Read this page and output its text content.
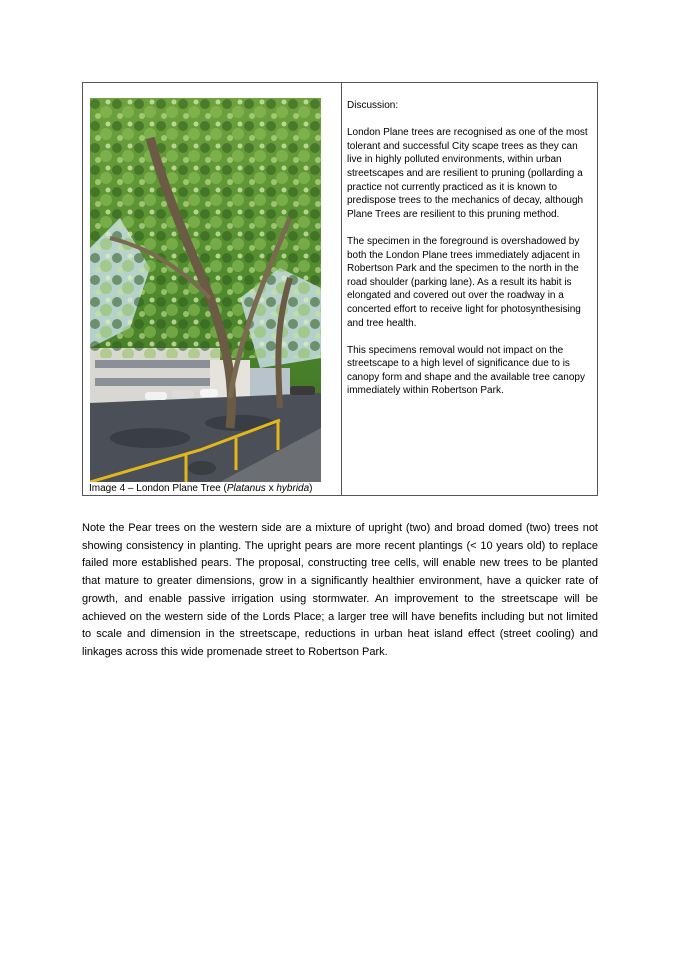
Image 4 – London Plane Tree (Platanus x hybrida)

Discussion:

London Plane trees are recognised as one of the most tolerant and successful City scape trees as they can live in highly polluted environments, within urban streetscapes and are resilient to pruning (pollarding a practice not currently practiced as it is known to predispose trees to the mechanics of decay, although Plane Trees are resilient to this pruning method.

The specimen in the foreground is overshadowed by both the London Plane trees immediately adjacent in Robertson Park and the specimen to the north in the road shoulder (parking lane). As a result its habit is elongated and covered out over the roadway in a concerted effort to receive light for photosynthesising and tree health.

This specimens removal would not impact on the streetscape to a high level of significance due to is canopy form and shape and the available tree canopy immediately within Robertson Park.

Note the Pear trees on the western side are a mixture of upright (two) and broad domed (two) trees not showing consistency in planting. The upright pears are more recent plantings (< 10 years old) to replace failed more established pears. The proposal, constructing tree cells, will enable new trees to be planted that mature to greater dimensions, grow in a significantly healthier environment, have a quicker rate of growth, and enable passive irrigation using stormwater. An improvement to the streetscape will be achieved on the western side of the Lords Place; a larger tree will have benefits including but not limited to scale and dimension in the streetscape, reductions in urban heat island effect (street cooling) and linkages across this wide promenade street to Robertson Park.
